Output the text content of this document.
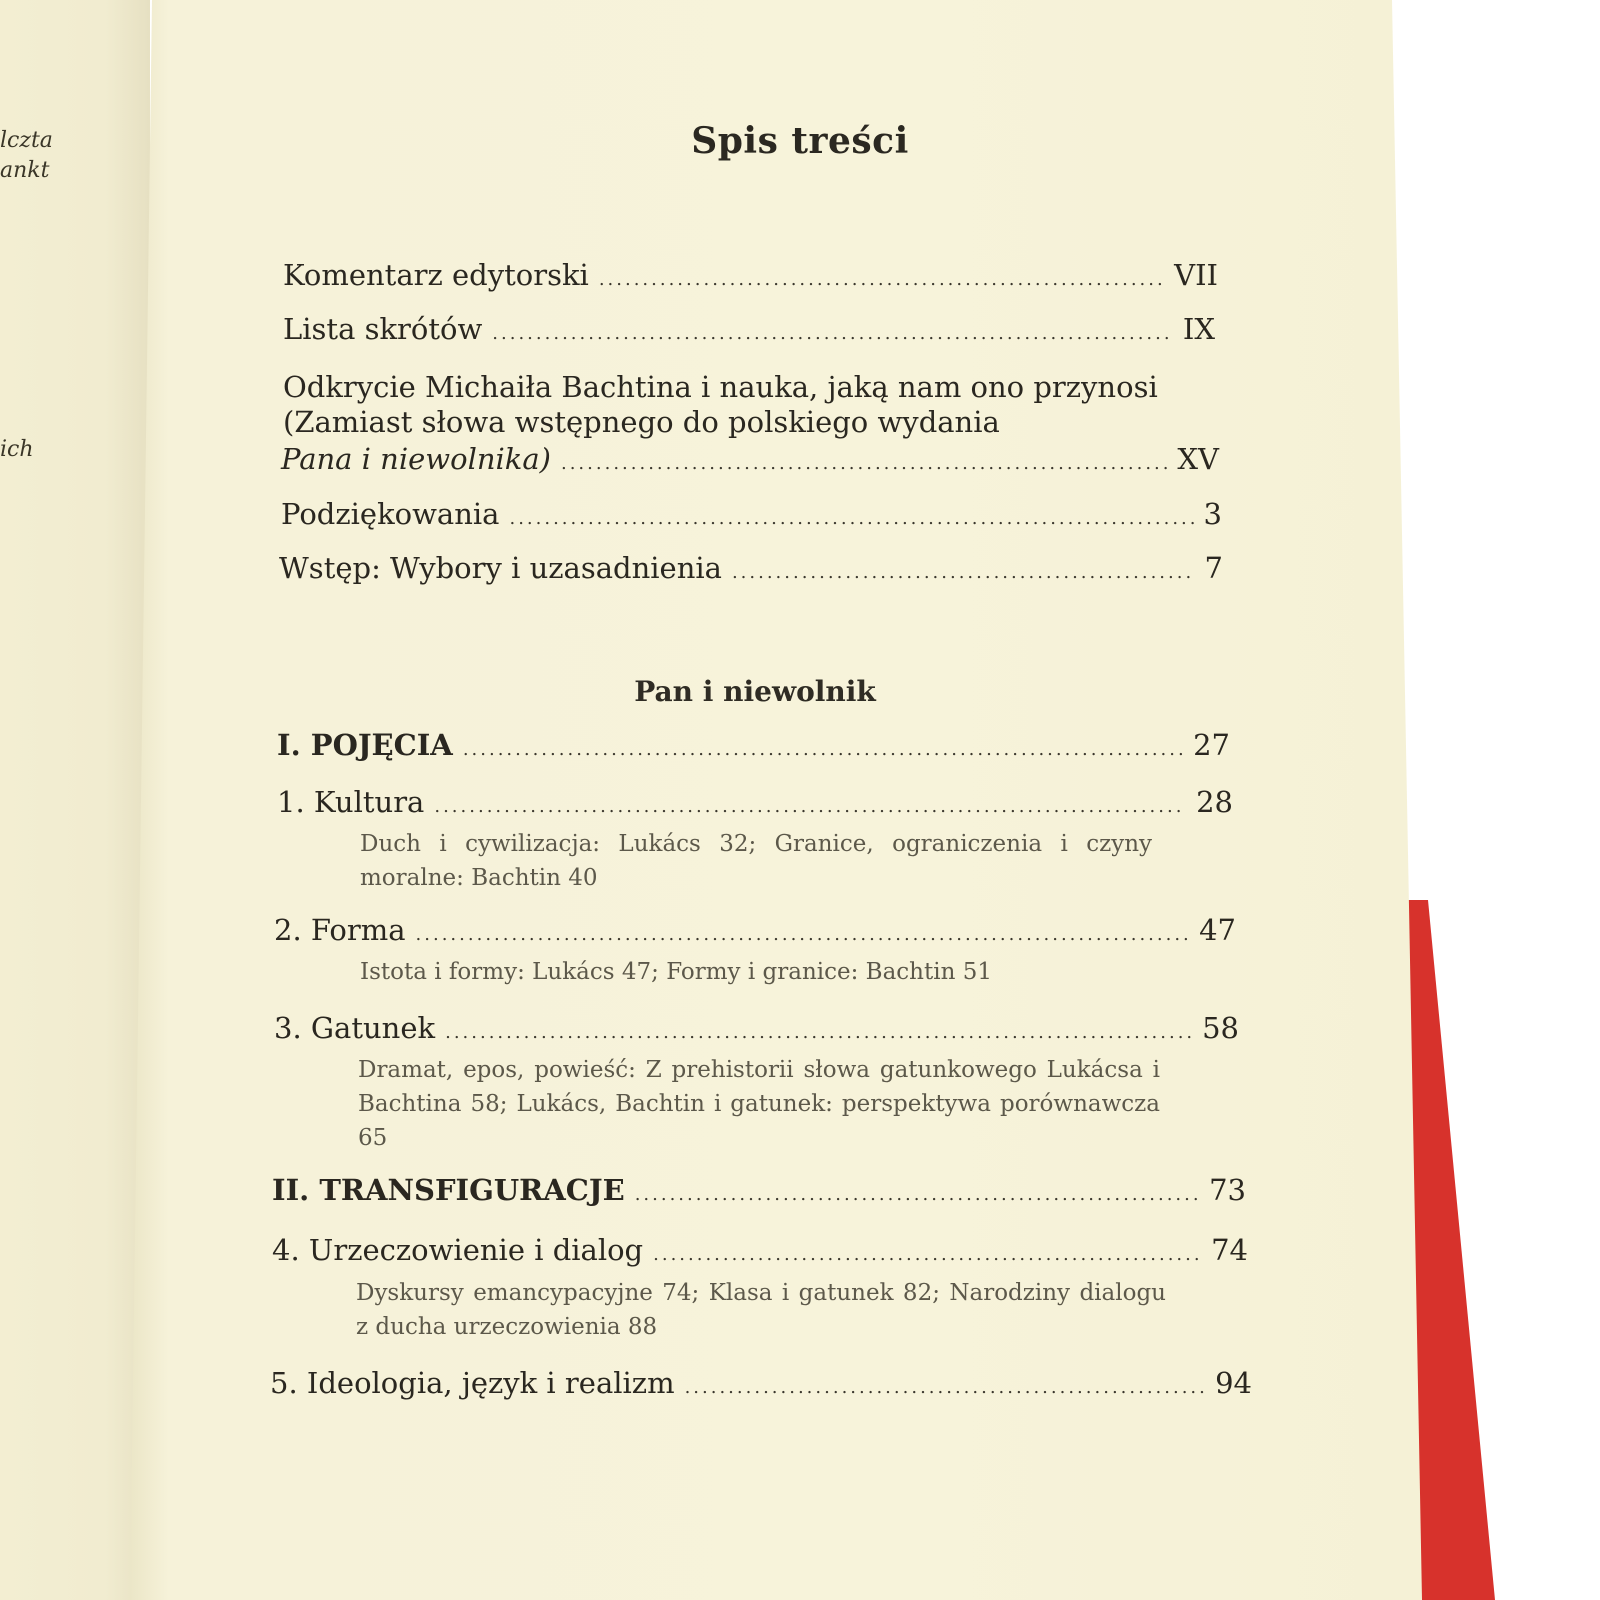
lczta
ankt
ich
Spis treści
Komentarz edytorski .....	VII
Lista skrótów .....	IX
Odkrycie Michaiła Bachtina i nauka, jaką nam ono przynosi
(Zamiast słowa wstępnego do polskiego wydania
Pana i niewolnika) .....	XV
Podziękowania .....	3
Wstęp: Wybory i uzasadnienia .....	7
Pan i niewolnik
I. POJĘCIA .....	27
1. Kultura .....	28
Duch i cywilizacja: Lukács 32; Granice, ograniczenia i czyny moralne: Bachtin 40
2. Forma .....	47
Istota i formy: Lukács 47; Formy i granice: Bachtin 51
3. Gatunek .....	58
Dramat, epos, powieść: Z prehistorii słowa gatunkowego Lukácsa i Bachtina 58; Lukács, Bachtin i gatunek: perspektywa porównawcza 65
II. TRANSFIGURACJE .....	73
4. Urzeczowienie i dialog .....	74
Dyskursy emancypacyjne 74; Klasa i gatunek 82; Narodziny dialogu z ducha urzeczowienia 88
5. Ideologia, język i realizm .....	94
